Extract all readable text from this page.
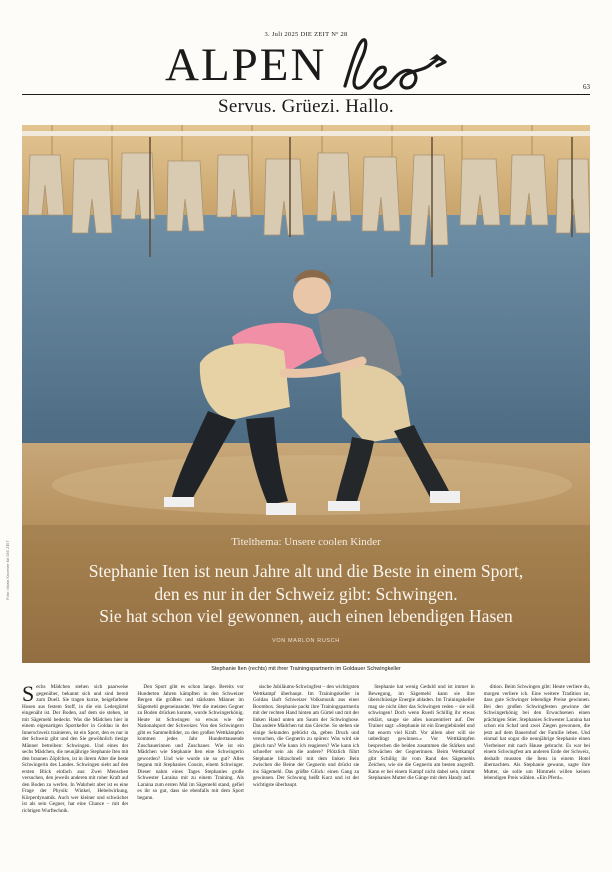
3. Juli 2025 DIE ZEIT Nº 28
ALPEN	63
Servus. Grüezi. Hallo.
Foto: Maria Knoener für DIE ZEIT	Titelthema: Unsere coolen Kinder
Stephanie Iten ist neun Jahre alt und die Beste in einem Sport,
den es nur in der Schweiz gibt: Schwingen.
Sie hat schon viel gewonnen, auch einen lebendigen Hasen
VON MARLON RUSCH
Stephanie Iten (rechts) mit ihrer Trainingspartnerin im Goldauer Schwingkeller
S echs Mädchen stehen sich paarweise gegenüber, bekannt sich und sind bereit zum Duell. Sie tragen kurze, beigefarbene Hosen aus festem Stoff, in die ein Ledergürtel eingenäht ist. Der Boden, auf dem sie stehen, ist mit Sägemehl bedeckt. Was die Mädchen hier in einem eigenartigen Sportkeller in Goldau in der Innerschweiz trainieren, ist ein Sport, den es nur in der Schweiz gibt und den Sie gewöhnlich riesige Männer betreiben: Schwingen. Und eines der sechs Mädchen, die neunjährige Stephanie Iten mit den braunen Zöpfchen, ist in ihrem Alter die beste Schwingerin des Landes. Schwingen sieht auf den ersten Blick einfach aus: Zwei Menschen versuchen, den jeweils anderen mit roher Kraft auf den Boden zu werfen. In Wahrheit aber ist es eine Frage der Physik: Winkel, Hebelwirkung, Körperdynamik. Auch wer kleiner und schwächer ist als sein Gegner, hat eine Chance – mit der richtigen Wurftechnik.

Den Sport gibt es schon lange. Bereits vor Hunderten Jahren kämpften in den Schweizer Bergen die größten und stärksten Männer im Sägemehl gegeneinander. Wer die meisten Gegner zu Boden drücken konnte, wurde Schwingerkönig. Heute ist Schwingen so etwas wie der Nationalsport der Schweizer. Von den Schwingern gibt es Sammelbilder, zu den großen Wettkämpfen kommen jedes Jahr Hunderttausende Zuschauerinnen und Zuschauer. Wie ist ein Mädchen wie Stephanie Iten eine Schwingerin geworden? Und wie wurde sie so gut? Alles begann mit Stephanies Cousin, einem Schwinger. Dieser nahm eines Tages Stephanies große Schwester Laraina mit zu einem Training. Als Laraina zum ersten Mal im Sägemehl stand, gefiel es ihr so gut, dass sie ebenfalls mit dem Sport begann.

sische Jubiläums-Schwingfest – den wichtigsten Wettkampf überhaupt. Im Trainingskeller in Goldau läuft Schweizer Volksmusik aus einer Boombox. Stephanie packt ihre Trainingspartnerin mit der rechten Hand hinten am Gürtel und mit der linken Hand unten am Saum der Schwinghose. Das andere Mädchen tut das Gleiche. So stehen sie einige Sekunden gebückt da, geben Druck und versuchen, die Gegnerin zu spüren: Was wird sie gleich tun? Wie kann ich reagieren? Wie kann ich schneller sein als die andere? Plötzlich führt Stephanie blitzschnell mit dem linken Bein zwischen die Beine der Gegnerin und drückt sie ins Sägemehl. Das größte Glück: einen Gang zu gewinnen. Der Schwung heißt Kurz und ist der wichtigste überhaupt.

Stephanie hat wenig Geduld und ist immer in Bewegung, im Sägemehl kann sie ihre überschüssige Energie abladen. Im Trainingskeller mag sie nicht über das Schwingen reden – sie will schwingen! Doch wenn Ruedi Schillig ihr etwas erklärt, sauge sie alles konzentriert auf. Der Trainer sagt: »Stephanie ist ein Energiebündel und hat enorm viel Kraft. Vor allem aber will sie unbedingt gewinnen.« Vor Wettkämpfen besprechen die beiden zusammen die Stärken und Schwächen der Gegnerinnen. Beim Wettkampf gibt Schillig ihr vom Rand des Sägemehls Zeichen, wie sie die Gegnerin am besten angreift. Kann er bei einem Kampf nicht dabei sein, nimmt Stephanies Mutter die Gänge mit dem Handy auf.

dition. Beim Schwingen gibt: Heute verliere du, morgen verliere ich. Eine weitere Tradition ist, dass gute Schwinger lebendige Preise gewinnen. Bei den großen Schwingfesten gewinne der Schwingerkönig bei den Erwachsenen einen prächtigen Stier. Stephanies Schwester Laraina hat schon ein Schaf und zwei Ziegen gewonnen, die jetzt auf dem Bauernhof der Familie leben. Und einmal hat sogar die neunjährige Stephanie einen Vierbeiner mit nach Hause gebracht. Es war bei einem Schwingfest am anderen Ende der Schweiz, deshalb mussten die Itens in einem Hotel übernachten. Als Stephanie gewann, sagte ihre Mutter, sie solle um Himmels willen keinen lebendigen Preis wählen. »Ein Pferd«.
